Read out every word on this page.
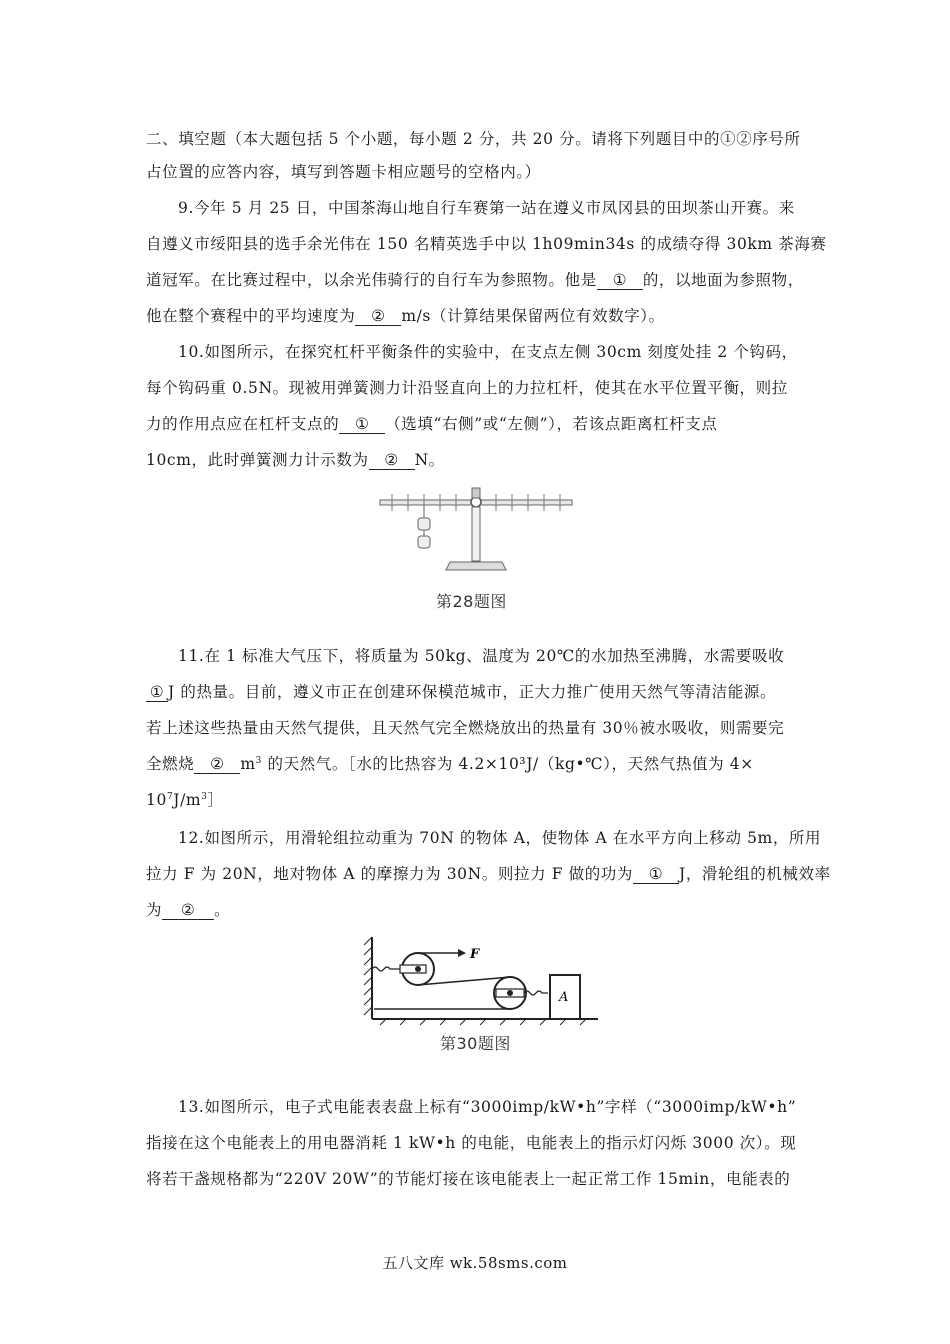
二、填空题（本大题包括 5 个小题，每小题 2 分，共 20 分。请将下列题目中的①②序号所
占位置的应答内容，填写到答题卡相应题号的空格内。）
9.今年 5 月 25 日，中国茶海山地自行车赛第一站在遵义市凤冈县的田坝茶山开赛。来
自遵义市绥阳县的选手余光伟在 150 名精英选手中以 1h09min34s 的成绩夺得 30km 茶海赛
道冠军。在比赛过程中，以余光伟骑行的自行车为参照物。他是 ① 的，以地面为参照物，
他在整个赛程中的平均速度为 ② m/s（计算结果保留两位有效数字）。
10.如图所示，在探究杠杆平衡条件的实验中，在支点左侧 30cm 刻度处挂 2 个钩码，
每个钩码重 0.5N。现被用弹簧测力计沿竖直向上的力拉杠杆，使其在水平位置平衡，则拉
力的作用点应在杠杆支点的 ① （选填“右侧”或“左侧”），若该点距离杠杆支点
10cm，此时弹簧测力计示数为 ② N。
第28题图
11.在 1 标准大气压下，将质量为 50kg、温度为 20℃的水加热至沸腾，水需要吸收
① J 的热量。目前，遵义市正在创建环保模范城市，正大力推广使用天然气等清洁能源。
若上述这些热量由天然气提供，且天然气完全燃烧放出的热量有 30％被水吸收，则需要完
全燃烧 ② $m^3$ 的天然气。［水的比热容为 4.2×10³J/（kg•℃），天然气热值为 4×
$10^7J/m^3]$
12.如图所示，用滑轮组拉动重为 70N 的物体 A，使物体 A 在水平方向上移动 5m，所用
拉力 F 为 20N，地对物体 A 的摩擦力为 30N。则拉力 F 做的功为 ① J，滑轮组的机械效率
为 ② 。
F
A
第30题图
13.如图所示，电子式电能表表盘上标有“3000imp/kW•h”字样（“3000imp/kW•h”
指接在这个电能表上的用电器消耗 1 kW•h 的电能，电能表上的指示灯闪烁 3000 次）。现
将若干盏规格都为“220V 20W”的节能灯接在该电能表上一起正常工作 15min，电能表的
五八文库 wk.58sms.com
